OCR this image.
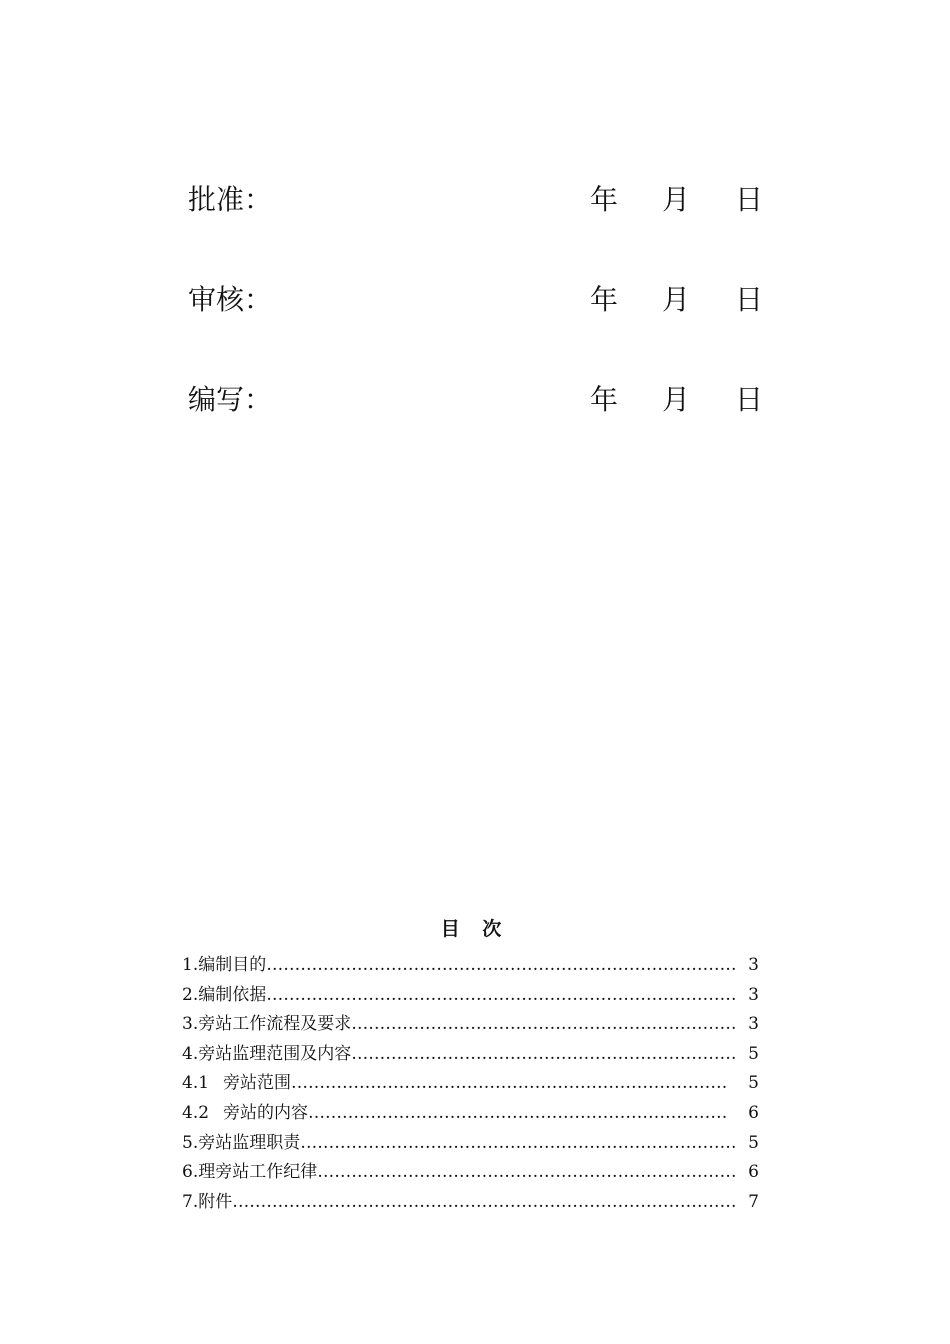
批准：	年 月 日
审核：	年 月 日
编写：	年 月 日
目 次
1.编制目的 …………………………………………………………………………………………………………………………………………………………………………………………	3
2.编制依据 …………………………………………………………………………………………………………………………………………………………………………………………	3
3.旁站工作流程及要求 …………………………………………………………………………………………………………………………………………………………………………………………	3
4.旁站监理范围及内容 …………………………………………………………………………………………………………………………………………………………………………………………	5
4.1 旁站范围 …………………………………………………………………………………………………………………………………………………………………………………………	5
4.2 旁站的内容 …………………………………………………………………………………………………………………………………………………………………………………………	6
5.旁站监理职责 …………………………………………………………………………………………………………………………………………………………………………………………	5
6.理旁站工作纪律 …………………………………………………………………………………………………………………………………………………………………………………………	6
7.附件 …………………………………………………………………………………………………………………………………………………………………………………………	7
